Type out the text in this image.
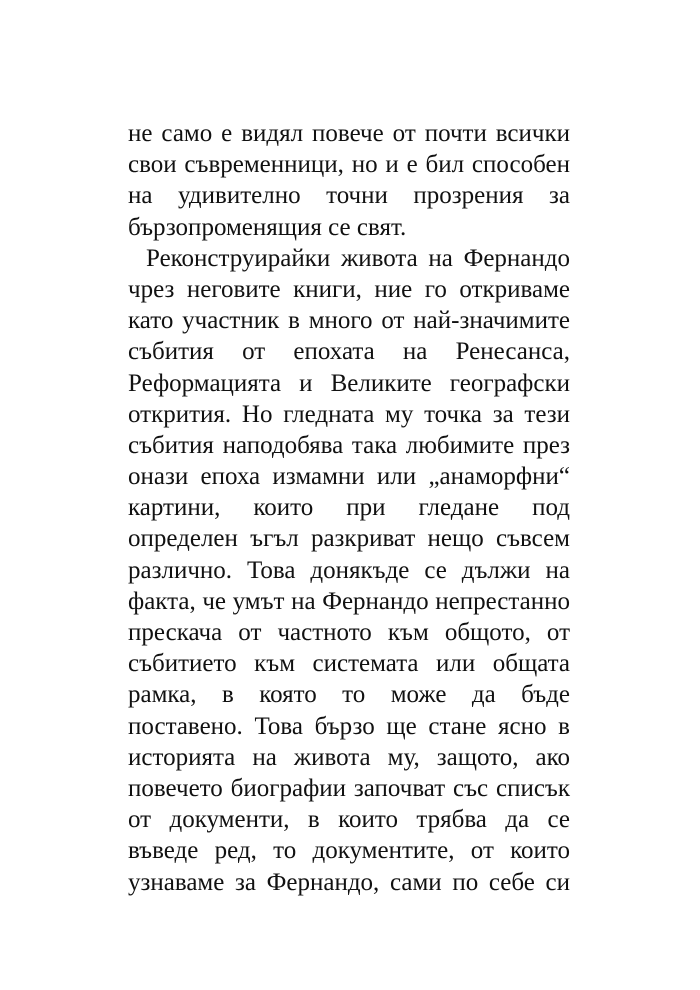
не само е видял повече от почти всички
свои съвременници, но и е бил способен
на удивително точни прозрения за
бързопроменящия се свят.
Реконструирайки живота на Фернандо
чрез неговите книги, ние го откриваме
като участник в много от най-значимите
събития от епохата на Ренесанса,
Реформацията и Великите географски
открития. Но гледната му точка за тези
събития наподобява така любимите през
онази епоха измамни или „анаморфни“
картини, които при гледане под
определен ъгъл разкриват нещо съвсем
различно. Това донякъде се дължи на
факта, че умът на Фернандо непрестанно
прескача от частното към общото, от
събитието към системата или общата
рамка, в която то може да бъде
поставено. Това бързо ще стане ясно в
историята на живота му, защото, ако
повечето биографии започват със списък
от документи, в които трябва да се
въведе ред, то документите, от които
узнаваме за Фернандо, сами по себе си
